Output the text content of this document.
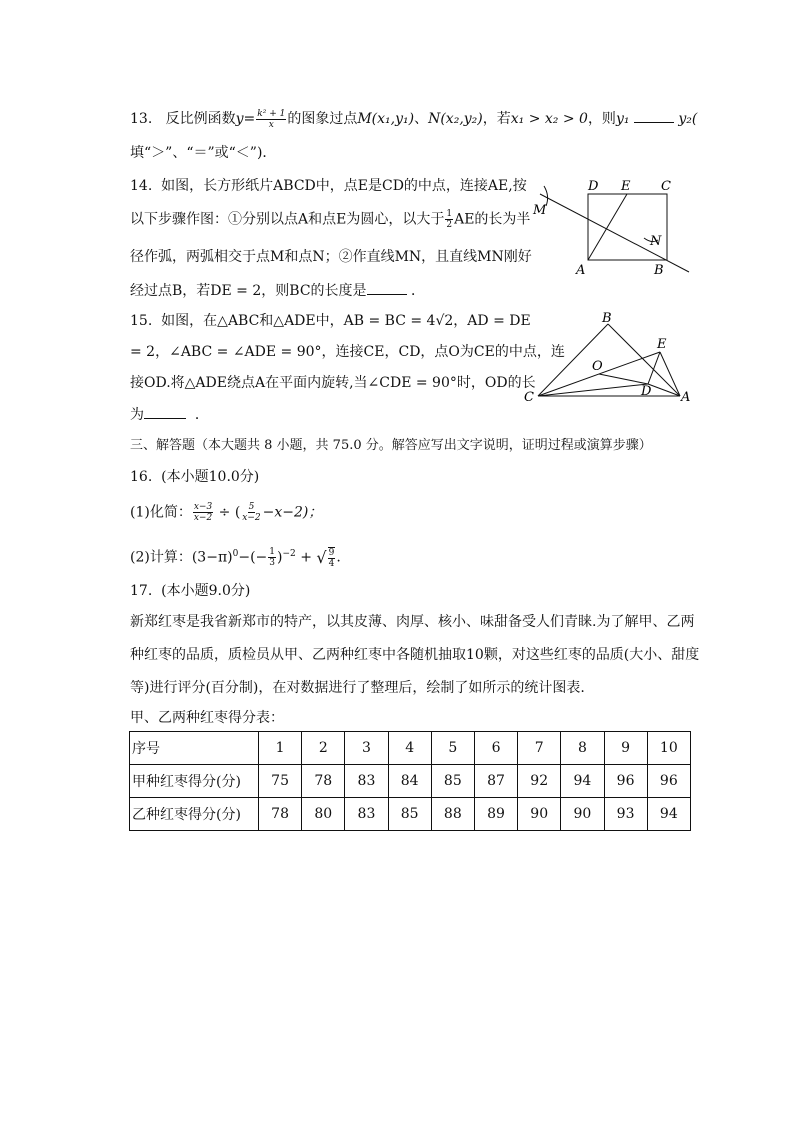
13. 反比例函数$y= \frac{\text{k² + 1}}{x}$ 的图象过点M(x₁,y₁)、N(x₂,y₂)，若x₁ > x₂ > 0，则y₁	y₂(
填“＞”、“＝”或“＜”)．
14. 如图，长方形纸片ABCD中，点E是CD的中点，连接AE,按
以下步骤作图：①分别以点A和点E为圆心，以大于 $\frac{1}{2}$ AE的长为半
径作弧，两弧相交于点M和点N；②作直线MN，且直线MN刚好
经过点B，若DE = 2，则BC的长度是	．
D E C
M
N
A	B
15. 如图，在△ABC和△ADE中，AB = BC = 4√2，AD = DE
= 2，∠ABC = ∠ADE = 90°，连接CE，CD，点O为CE的中点，连
接OD.将△ADE绕点A在平面内旋转,当∠CDE = 90°时，OD的长
为	．
B
E
O
C	D A
三、解答题（本大题共 8 小题，共 75.0 分。解答应写出文字说明，证明过程或演算步骤）
16. (本小题10.0分)
(1)化简： $\frac{x-3}{x-2}$ ÷ ( $\frac{5}{x-2} -x-2$)；
(2)计算：$(3-\pi)^0-(- \frac{1}{3} )^{-2}$ + √ $\frac{9}{4}$ .
17. (本小题9.0分)
新郑红枣是我省新郑市的特产，以其皮薄、肉厚、核小、味甜备受人们青睐.为了解甲、乙两
种红枣的品质，质检员从甲、乙两种红枣中各随机抽取10颗，对这些红枣的品质(大小、甜度
等)进行评分(百分制)，在对数据进行了整理后，绘制了如所示的统计图表.
甲、乙两种红枣得分表：
序号	1	2	3	4	5	6	7	8	9	10
甲种红枣得分(分)	75	78	83	84	85	87	92	94	96	96
乙种红枣得分(分)	78	80	83	85	88	89	90	90	93	94
